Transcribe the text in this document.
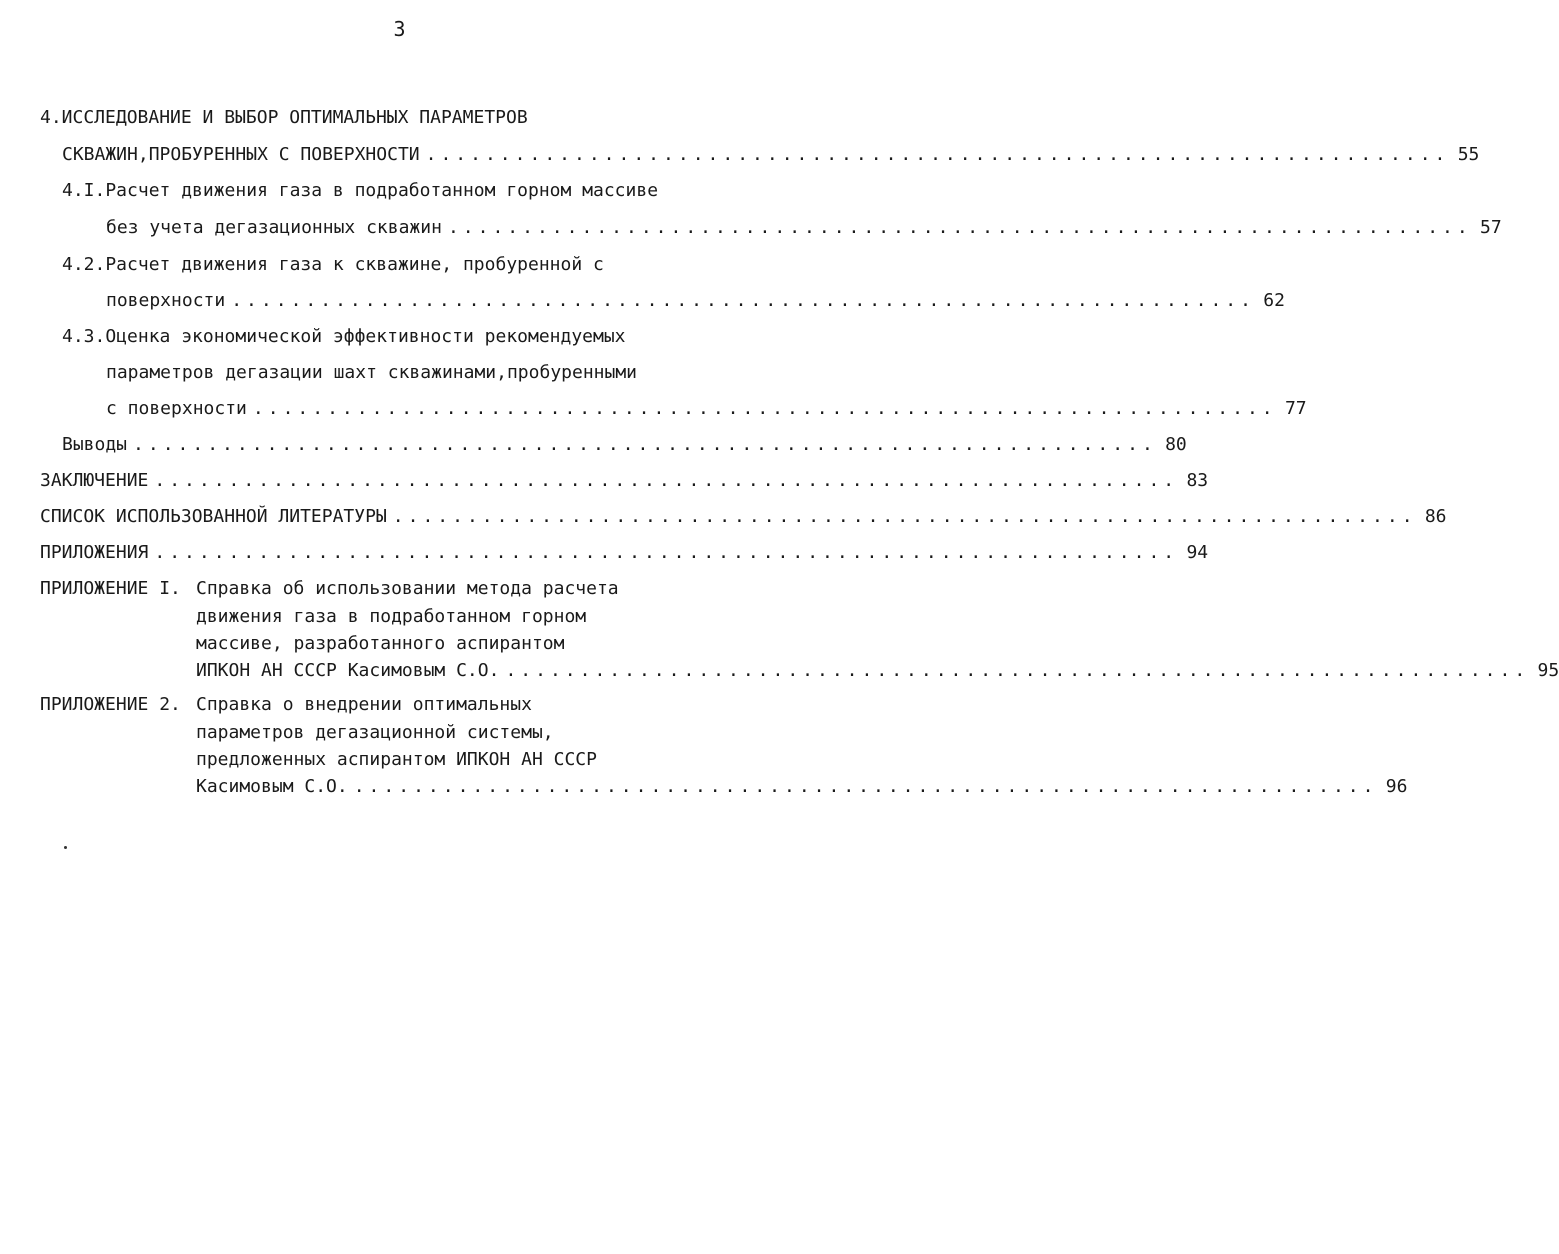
3
4.ИССЛЕДОВАНИЕ И ВЫБОР ОПТИМАЛЬНЫХ ПАРАМЕТРОВ
СКВАЖИН,ПРОБУРЕННЫХ С ПОВЕРХНОСТИ ..................................................................... 55
4.I.Расчет движения газа в подработанном горном массиве
без учета дегазационных скважин ..................................................................... 57
4.2.Расчет движения газа к скважине, пробуренной с
поверхности ..................................................................... 62
4.3.Оценка экономической эффективности рекомендуемых
параметров дегазации шахт скважинами,пробуренными
с поверхности ..................................................................... 77
Выводы ..................................................................... 80
ЗАКЛЮЧЕНИЕ ..................................................................... 83
СПИСОК ИСПОЛЬЗОВАННОЙ ЛИТЕРАТУРЫ ..................................................................... 86
ПРИЛОЖЕНИЯ ..................................................................... 94
ПРИЛОЖЕНИЕ I. Справка об использовании метода расчета
движения газа в подработанном горном
массиве, разработанного аспирантом
ИПКОН АН СССР Касимовым С.О. ..................................................................... 95
ПРИЛОЖЕНИЕ 2. Справка о внедрении оптимальных
параметров дегазационной системы,
предложенных аспирантом ИПКОН АН СССР
Касимовым С.О. ..................................................................... 96
